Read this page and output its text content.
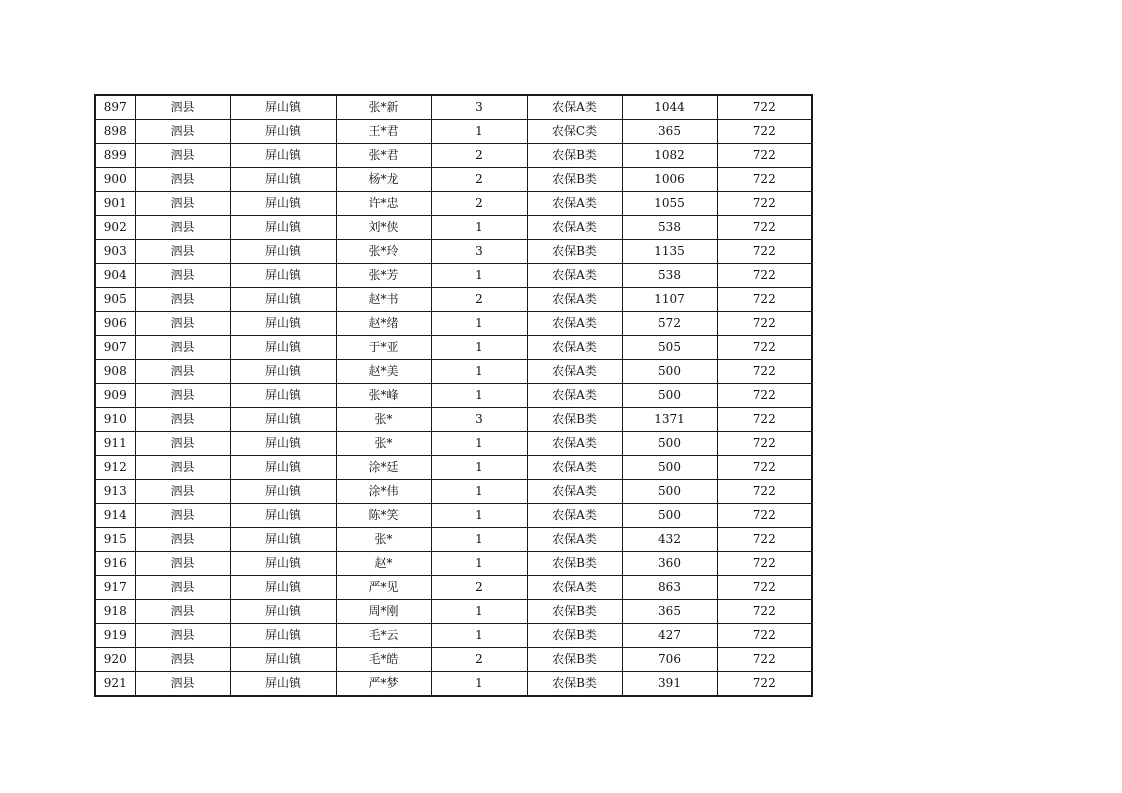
897	泗县	屏山镇	张*新	3	农保A类	1044	722
898	泗县	屏山镇	王*君	1	农保C类	365	722
899	泗县	屏山镇	张*君	2	农保B类	1082	722
900	泗县	屏山镇	杨*龙	2	农保B类	1006	722
901	泗县	屏山镇	许*忠	2	农保A类	1055	722
902	泗县	屏山镇	刘*侠	1	农保A类	538	722
903	泗县	屏山镇	张*玲	3	农保B类	1135	722
904	泗县	屏山镇	张*芳	1	农保A类	538	722
905	泗县	屏山镇	赵*书	2	农保A类	1107	722
906	泗县	屏山镇	赵*绪	1	农保A类	572	722
907	泗县	屏山镇	于*亚	1	农保A类	505	722
908	泗县	屏山镇	赵*美	1	农保A类	500	722
909	泗县	屏山镇	张*峰	1	农保A类	500	722
910	泗县	屏山镇	张*	3	农保B类	1371	722
911	泗县	屏山镇	张*	1	农保A类	500	722
912	泗县	屏山镇	涂*廷	1	农保A类	500	722
913	泗县	屏山镇	涂*伟	1	农保A类	500	722
914	泗县	屏山镇	陈*笑	1	农保A类	500	722
915	泗县	屏山镇	张*	1	农保A类	432	722
916	泗县	屏山镇	赵*	1	农保B类	360	722
917	泗县	屏山镇	严*见	2	农保A类	863	722
918	泗县	屏山镇	周*刚	1	农保B类	365	722
919	泗县	屏山镇	毛*云	1	农保B类	427	722
920	泗县	屏山镇	毛*皓	2	农保B类	706	722
921	泗县	屏山镇	严*梦	1	农保B类	391	722
